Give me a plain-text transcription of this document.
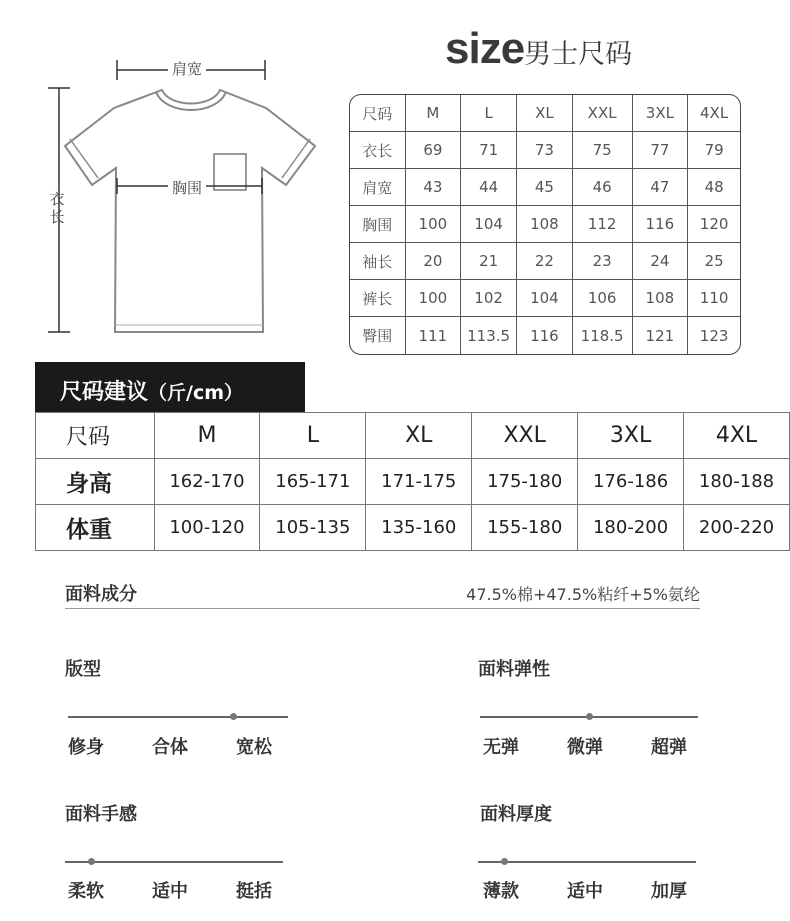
肩宽
胸围
衣长
size男士尺码
尺码	M	L	XL	XXL	3XL	4XL
衣长	69	71	73	75	77	79
肩宽	43	44	45	46	47	48
胸围	100	104	108	112	116	120
袖长	20	21	22	23	24	25
裤长	100	102	104	106	108	110
臀围	111	113.5	116	118.5	121	123
尺码建议（斤/cm）
尺码	M	L	XL	XXL	3XL	4XL
身高	162-170	165-171	171-175	175-180	176-186	180-188
体重	100-120	105-135	135-160	155-180	180-200	200-220
面料成分	47.5%棉+47.5%粘纤+5%氨纶
版型
修身	合体	宽松
面料弹性
无弹	微弹	超弹
面料手感
柔软	适中	挺括
面料厚度
薄款	适中	加厚
